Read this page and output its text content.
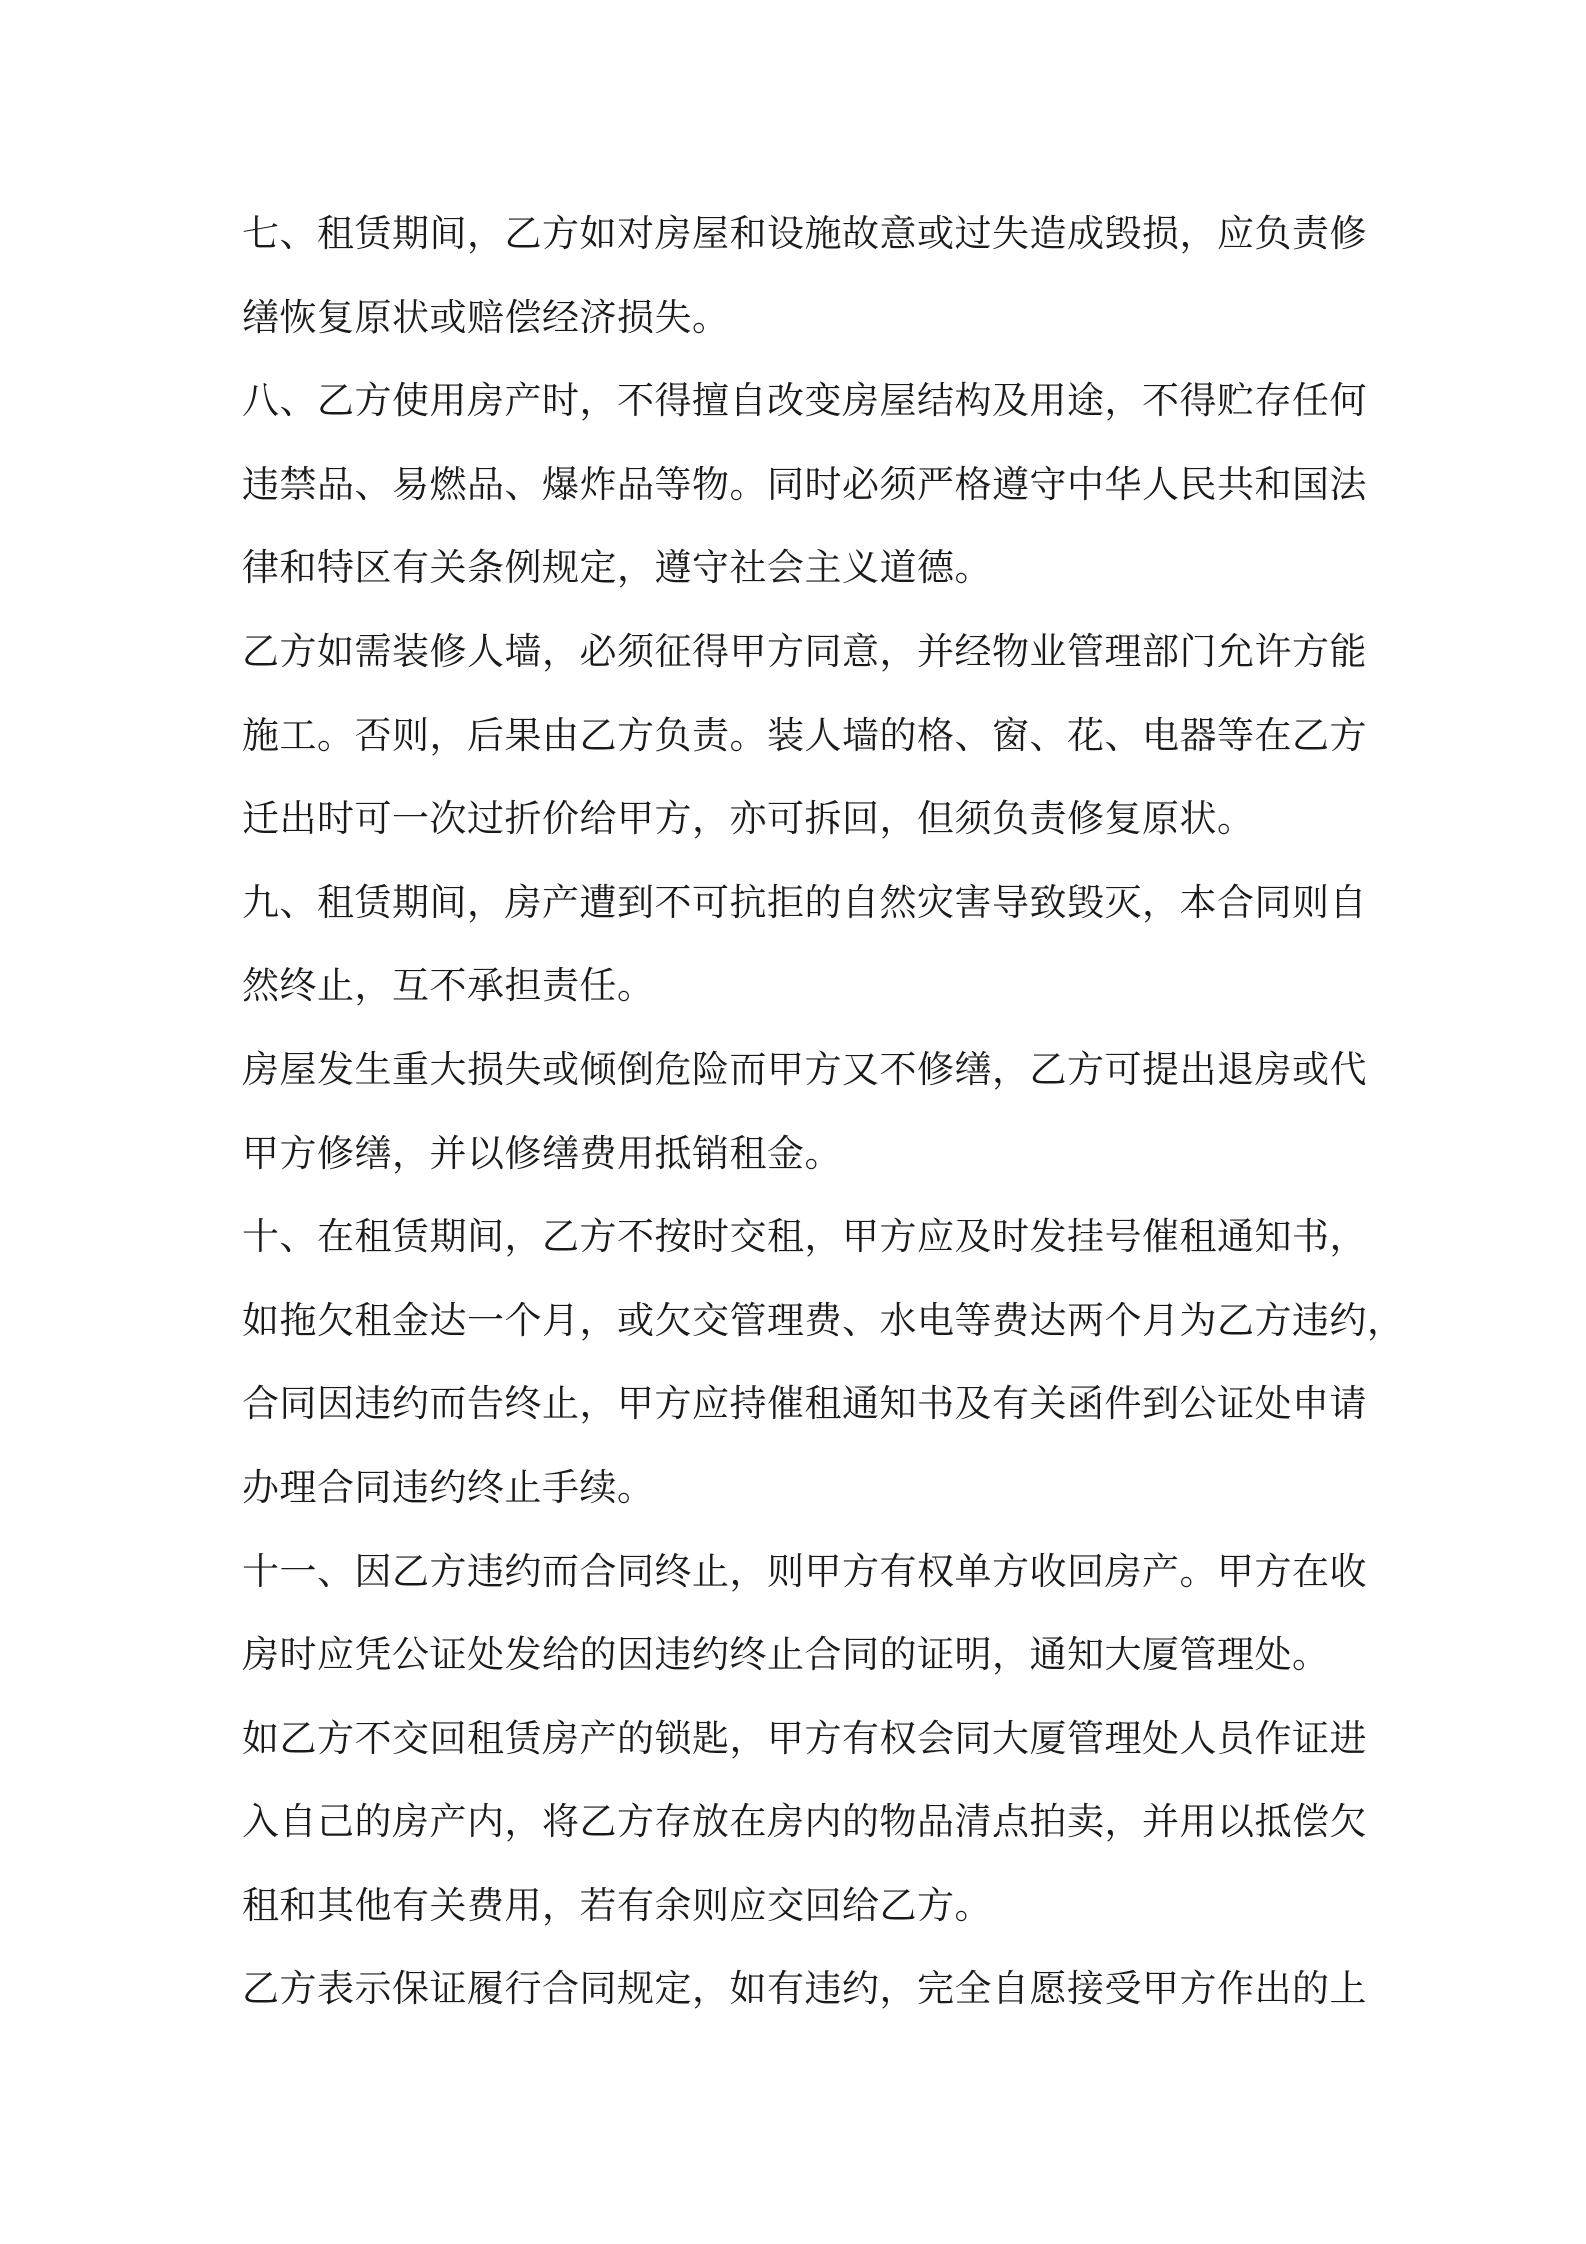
七 、 租 赁 期 间 ， 乙 方 如 对 房 屋 和 设 施 故 意 或 过 失 造 成 毁 损 ， 应 负 责 修
缮恢复原状或赔偿经济损失。
八 、 乙 方 使 用 房 产 时 ， 不 得 擅 自 改 变 房 屋 结 构 及 用 途 ， 不 得 贮 存 任 何
违 禁 品 、 易 燃 品 、 爆 炸 品 等 物 。 同 时 必 须 严 格 遵 守 中 华 人 民 共 和 国 法
律和特区有关条例规定，遵守社会主义道德。
乙 方 如 需 装 修 人 墙 ， 必 须 征 得 甲 方 同 意 ， 并 经 物 业 管 理 部 门 允 许 方 能
施 工 。 否 则 ， 后 果 由 乙 方 负 责 。 装 人 墙 的 格 、 窗 、 花 、 电 器 等 在 乙 方
迁出时可一次过折价给甲方，亦可拆回，但须负责修复原状。
九 、 租 赁 期 间 ， 房 产 遭 到 不 可 抗 拒 的 自 然 灾 害 导 致 毁 灭 ， 本 合 同 则 自
然终止，互不承担责任。
房 屋 发 生 重 大 损 失 或 倾 倒 危 险 而 甲 方 又 不 修 缮 ， 乙 方 可 提 出 退 房 或 代
甲方修缮，并以修缮费用抵销租金。
十 、 在 租 赁 期 间 ， 乙 方 不 按 时 交 租 ， 甲 方 应 及 时 发 挂 号 催 租 通 知 书 ，
如 拖 欠 租 金 达 一 个 月 ， 或 欠 交 管 理 费 、 水 电 等 费 达 两 个 月 为 乙 方 违 约 ，
合 同 因 违 约 而 告 终 止 ， 甲 方 应 持 催 租 通 知 书 及 有 关 函 件 到 公 证 处 申 请
办理合同违约终止手续。
十 一 、 因 乙 方 违 约 而 合 同 终 止 ， 则 甲 方 有 权 单 方 收 回 房 产 。 甲 方 在 收
房时应凭公证处发给的因违约终止合同的证明，通知大厦管理处。
如 乙 方 不 交 回 租 赁 房 产 的 锁 匙 ， 甲 方 有 权 会 同 大 厦 管 理 处 人 员 作 证 进
入 自 己 的 房 产 内 ， 将 乙 方 存 放 在 房 内 的 物 品 清 点 拍 卖 ， 并 用 以 抵 偿 欠
租和其他有关费用，若有余则应交回给乙方。
乙 方 表 示 保 证 履 行 合 同 规 定 ， 如 有 违 约 ， 完 全 自 愿 接 受 甲 方 作 出 的 上
